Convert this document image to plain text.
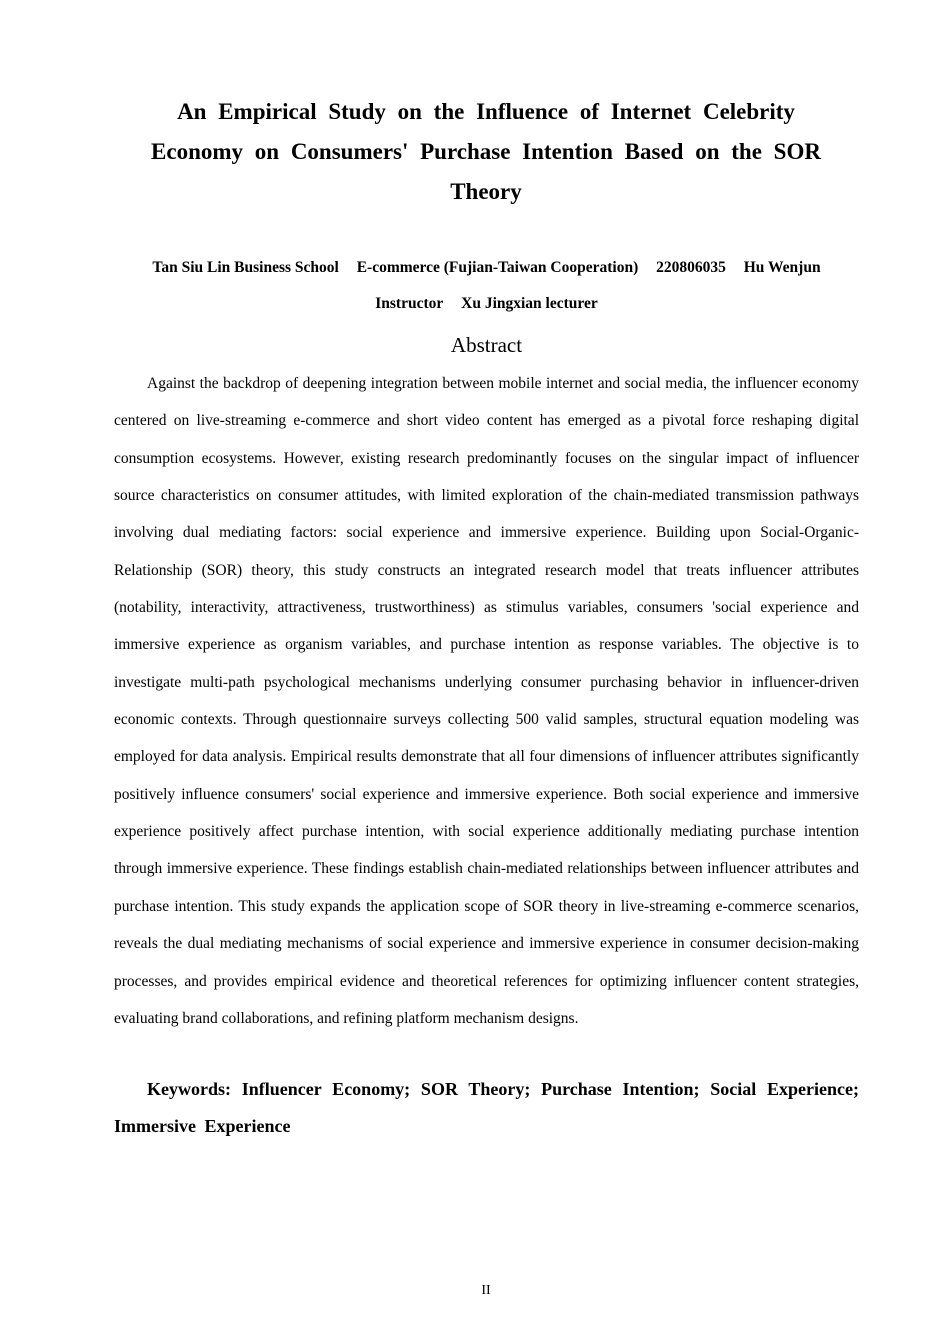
An Empirical Study on the Influence of Internet Celebrity Economy on Consumers' Purchase Intention Based on the SOR Theory

Tan Siu Lin Business School E-commerce (Fujian-Taiwan Cooperation) 220806035 Hu Wenjun
Instructor Xu Jingxian lecturer

Abstract

Against the backdrop of deepening integration between mobile internet and social media, the influencer economy centered on live-streaming e-commerce and short video content has emerged as a pivotal force reshaping digital consumption ecosystems. However, existing research predominantly focuses on the singular impact of influencer source characteristics on consumer attitudes, with limited exploration of the chain-mediated transmission pathways involving dual mediating factors: social experience and immersive experience. Building upon Social-Organic-Relationship (SOR) theory, this study constructs an integrated research model that treats influencer attributes (notability, interactivity, attractiveness, trustworthiness) as stimulus variables, consumers 'social experience and immersive experience as organism variables, and purchase intention as response variables. The objective is to investigate multi-path psychological mechanisms underlying consumer purchasing behavior in influencer-driven economic contexts. Through questionnaire surveys collecting 500 valid samples, structural equation modeling was employed for data analysis. Empirical results demonstrate that all four dimensions of influencer attributes significantly positively influence consumers' social experience and immersive experience. Both social experience and immersive experience positively affect purchase intention, with social experience additionally mediating purchase intention through immersive experience. These findings establish chain-mediated relationships between influencer attributes and purchase intention. This study expands the application scope of SOR theory in live-streaming e-commerce scenarios, reveals the dual mediating mechanisms of social experience and immersive experience in consumer decision-making processes, and provides empirical evidence and theoretical references for optimizing influencer content strategies, evaluating brand collaborations, and refining platform mechanism designs.

Keywords: Influencer Economy; SOR Theory; Purchase Intention; Social Experience; Immersive Experience

II
